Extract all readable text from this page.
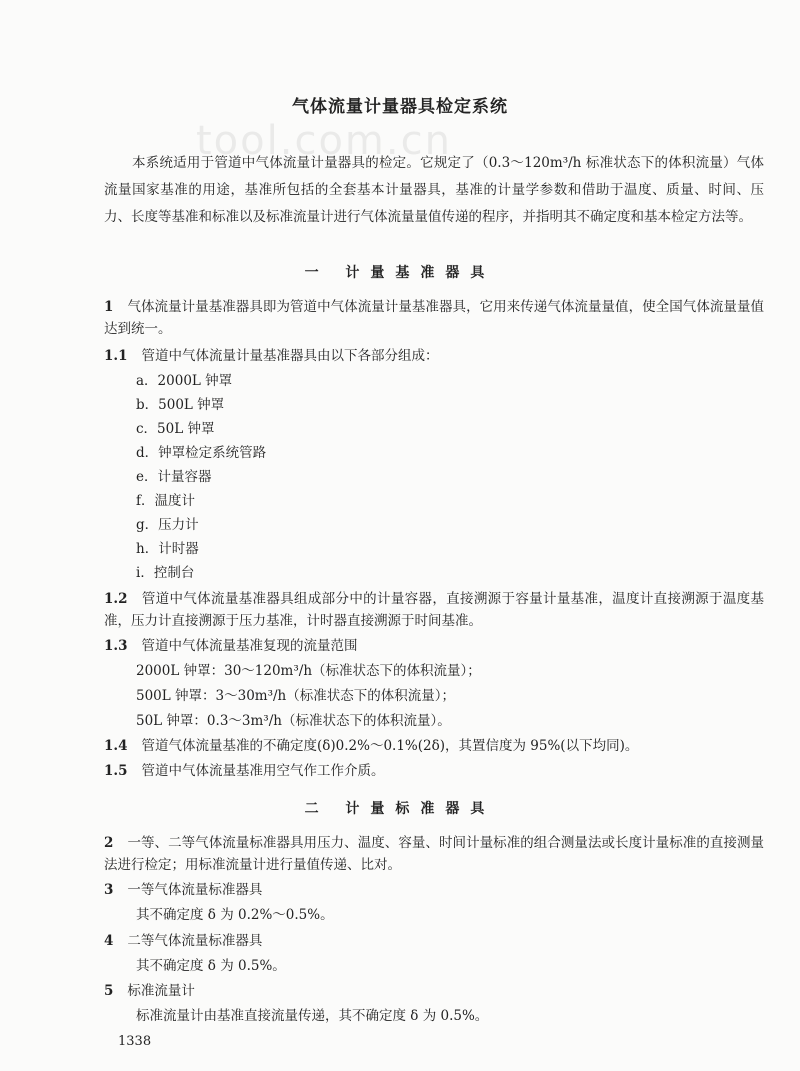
tool.com.cn
气体流量计量器具检定系统
本系统适用于管道中气体流量计量器具的检定。它规定了（0.3～120m³/h 标准状态下的体积流量）气体流量国家基准的用途，基准所包括的全套基本计量器具，基准的计量学参数和借助于温度、质量、时间、压力、长度等基准和标准以及标准流量计进行气体流量量值传递的程序，并指明其不确定度和基本检定方法等。
一 计量基准器具
1 气体流量计量基准器具即为管道中气体流量计量基准器具，它用来传递气体流量量值，使全国气体流量量值达到统一。
1.1 管道中气体流量计量基准器具由以下各部分组成：
a．2000L 钟罩
b．500L 钟罩
c．50L 钟罩
d．钟罩检定系统管路
e．计量容器
f．温度计
g．压力计
h．计时器
i．控制台
1.2 管道中气体流量基准器具组成部分中的计量容器，直接溯源于容量计量基准，温度计直接溯源于温度基准，压力计直接溯源于压力基准，计时器直接溯源于时间基准。
1.3 管道中气体流量基准复现的流量范围
2000L 钟罩：30～120m³/h（标准状态下的体积流量）；
500L 钟罩：3～30m³/h（标准状态下的体积流量）；
50L 钟罩：0.3～3m³/h（标准状态下的体积流量）。
1.4 管道气体流量基准的不确定度(δ)0.2%～0.1%(2δ)，其置信度为 95%(以下均同)。
1.5 管道中气体流量基准用空气作工作介质。
二 计量标准器具
2 一等、二等气体流量标准器具用压力、温度、容量、时间计量标准的组合测量法或长度计量标准的直接测量法进行检定；用标准流量计进行量值传递、比对。
3 一等气体流量标准器具
其不确定度 δ 为 0.2%～0.5%。
4 二等气体流量标准器具
其不确定度 δ 为 0.5%。
5 标准流量计
标准流量计由基准直接流量传递，其不确定度 δ 为 0.5%。
1338
